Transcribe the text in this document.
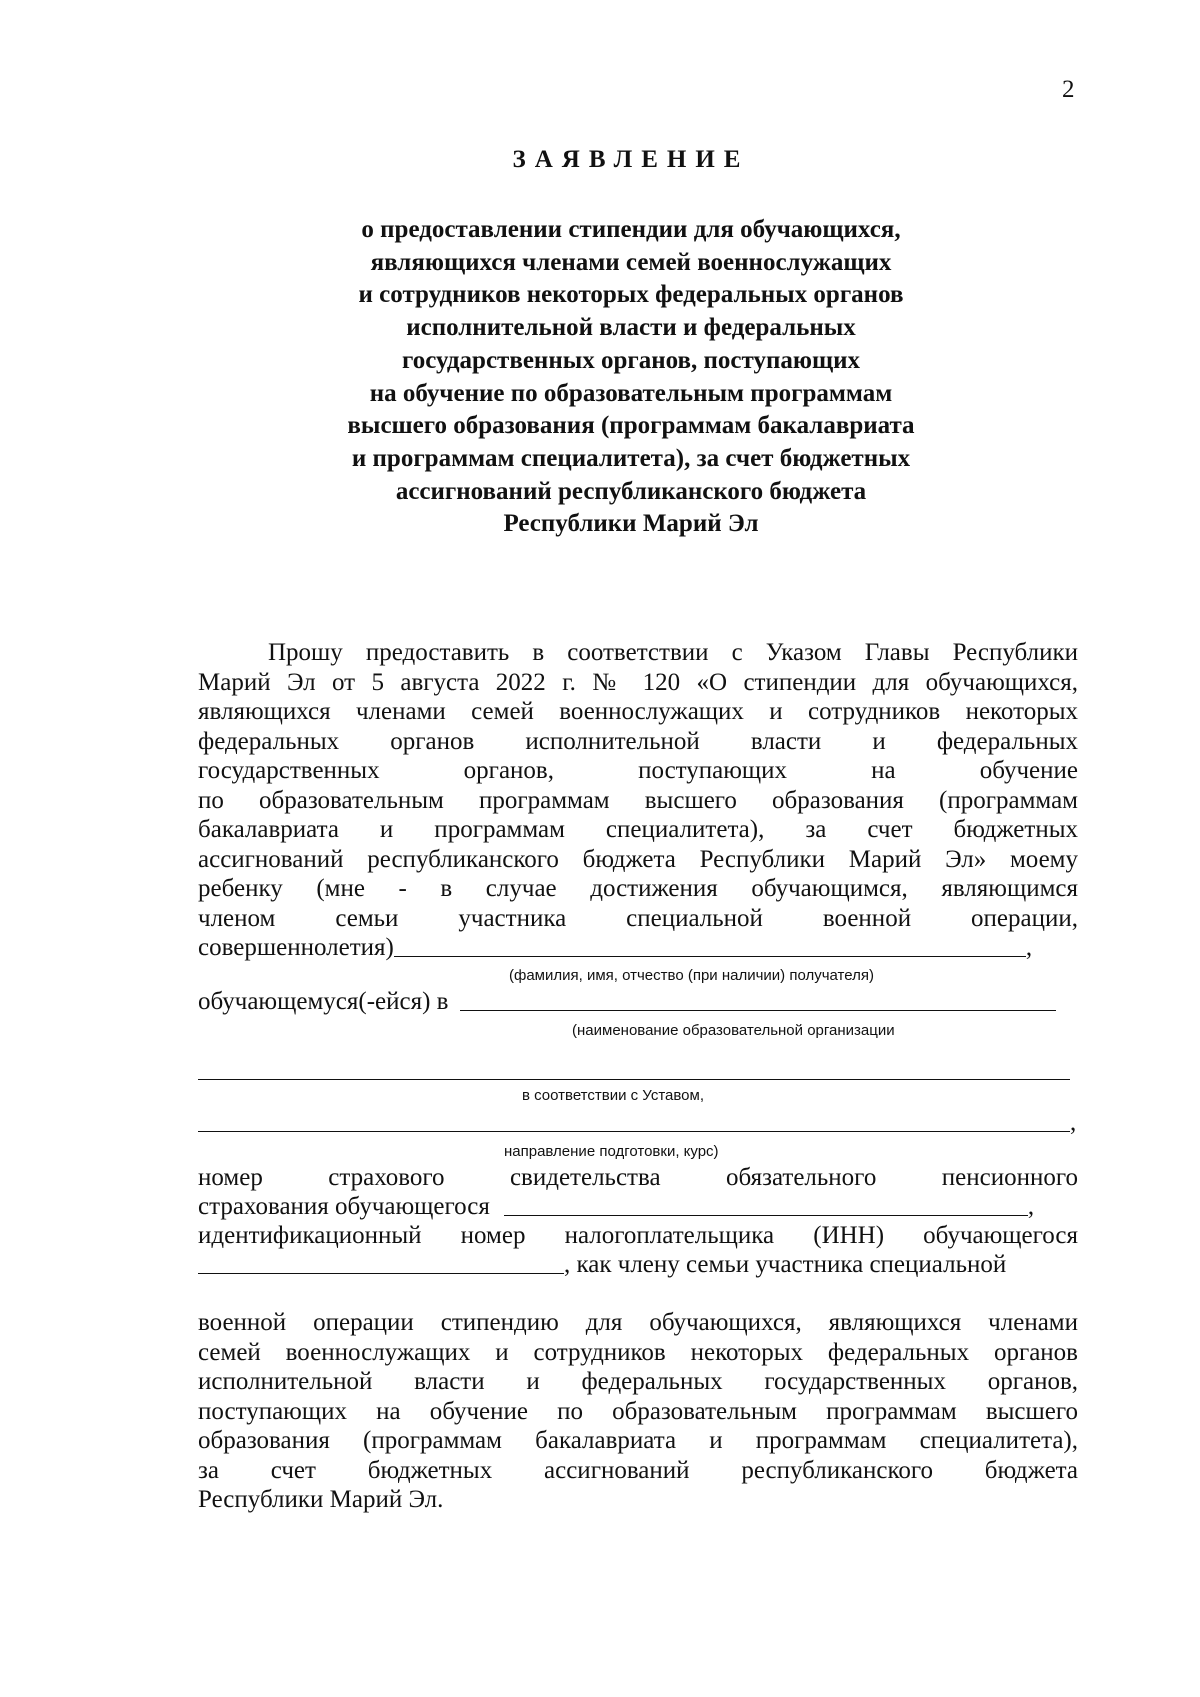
2
ЗАЯВЛЕНИЕ
о предоставлении стипендии для обучающихся,
являющихся членами семей военнослужащих
и сотрудников некоторых федеральных органов
исполнительной власти и федеральных
государственных органов, поступающих
на обучение по образовательным программам
высшего образования (программам бакалавриата
и программам специалитета), за счет бюджетных
ассигнований республиканского бюджета
Республики Марий Эл
Прошу предоставить в соответствии с Указом Главы Республики
Марий Эл от 5 августа 2022 г. № 120 «О стипендии для обучающихся,
являющихся членами семей военнослужащих и сотрудников некоторых
федеральных органов исполнительной власти и федеральных
государственных органов, поступающих на обучение
по образовательным программам высшего образования (программам
бакалавриата и программам специалитета), за счет бюджетных
ассигнований республиканского бюджета Республики Марий Эл» моему
ребенку (мне - в случае достижения обучающимся, являющимся
членом семьи участника специальной военной операции,
совершеннолетия)	,
(фамилия, имя, отчество (при наличии) получателя)
обучающемуся(-ейся) в
(наименование образовательной организации
в соответствии с Уставом,
,
направление подготовки, курс)
номер страхового свидетельства обязательного пенсионного
страхования обучающегося	,
идентификационный номер налогоплательщика (ИНН) обучающегося
, как члену семьи участника специальной
военной операции стипендию для обучающихся, являющихся членами
семей военнослужащих и сотрудников некоторых федеральных органов
исполнительной власти и федеральных государственных органов,
поступающих на обучение по образовательным программам высшего
образования (программам бакалавриата и программам специалитета),
за счет бюджетных ассигнований республиканского бюджета
Республики Марий Эл.
